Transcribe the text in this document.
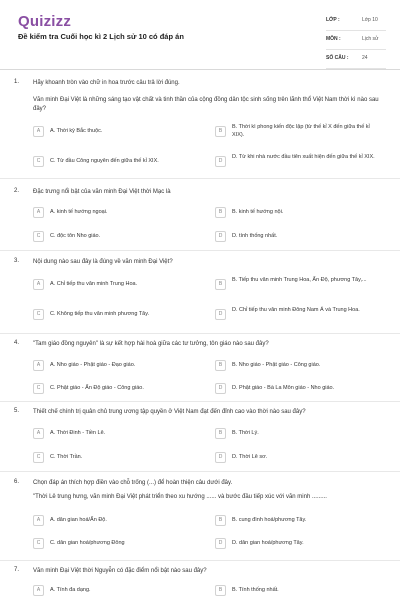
Quizizz
Đề kiểm tra Cuối học kì 2 Lịch sử 10 có đáp án
LỚP :	Lớp 10
MÔN :	Lịch sử
SỐ CÂU :	24
1. Hãy khoanh tròn vào chữ in hoa trước câu trả lời đúng.
Văn minh Đại Việt là những sáng tạo vật chất và tinh thần của cộng đồng dân tộc sinh sống trên lãnh thổ Việt Nam thời kì nào sau đây?
A	A. Thời kỳ Bắc thuộc.	B
B. Thời kì phong kiến độc lập (từ thế kỉ X đến giữa thế kỉ XIX).
C	C. Từ đầu Công nguyên đến giữa thế kỉ XIX.	D
D. Từ khi nhà nước đầu tiên xuất hiện đến giữa thế kỉ XIX.
2. Đặc trưng nổi bật của văn minh Đại Việt thời Mạc là
A	A. kinh tế hướng ngoại.	B	B. kinh tế hướng nội.
C	C. độc tôn Nho giáo.	D	D. tính thống nhất.
3. Nội dung nào sau đây là đúng về văn minh Đại Việt?
A	A. Chỉ tiếp thu văn minh Trung Hoa.	B
B. Tiếp thu văn minh Trung Hoa, Ấn Độ, phương Tây,...
C	C. Không tiếp thu văn minh phương Tây.	D
D. Chỉ tiếp thu văn minh Đông Nam Á và Trung Hoa.
4. "Tam giáo đồng nguyên" là sự kết hợp hài hoà giữa các tư tưởng, tôn giáo nào sau đây?
A	A. Nho giáo - Phật giáo - Đạo giáo.	B	B. Nho giáo - Phật giáo - Công giáo.
C	C. Phật giáo - Ấn Độ giáo - Công giáo.	D	D. Phật giáo - Bà La Môn giáo - Nho giáo.
5. Thiết chế chính trị quân chủ trung ương tập quyền ở Việt Nam đạt đến đỉnh cao vào thời nào sau đây?
A	A. Thời Đinh - Tiền Lê.	B	B. Thời Lý.
C	C. Thời Trần.	D	D. Thời Lê sơ.
6. Chọn đáp án thích hợp điền vào chỗ trống (...) để hoàn thiện câu dưới đây.
"Thời Lê trung hưng, văn minh Đại Việt phát triển theo xu hướng ...... và bước đầu tiếp xúc với văn minh .........
A	A. dân gian hoá/Ấn Độ.	B	B. cung đình hoá/phương Tây.
C	C. dân gian hoá/phương Đông	D	D. dân gian hoá/phương Tây.
7. Văn minh Đại Việt thời Nguyễn có đặc điểm nổi bật nào sau đây?
A	A. Tính đa dạng.	B	B. Tính thống nhất.
